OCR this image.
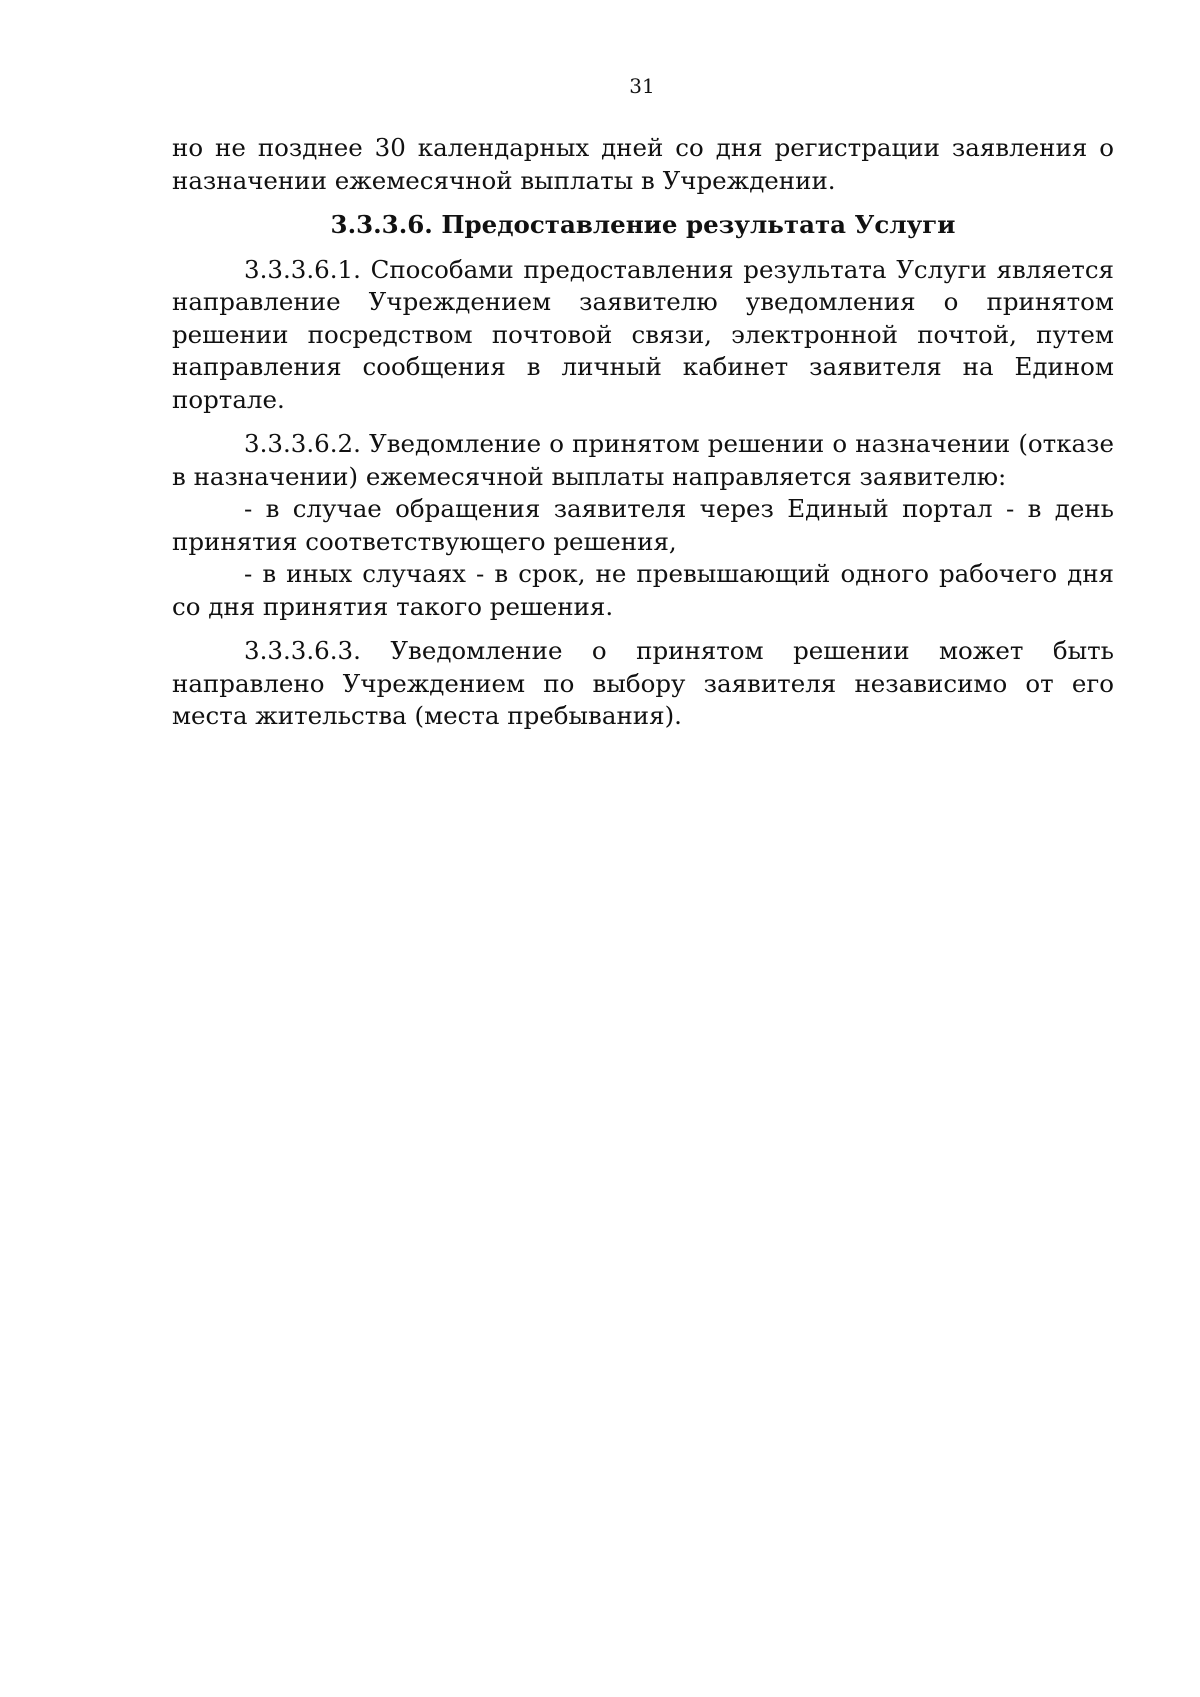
31

но не позднее 30 календарных дней со дня регистрации заявления о назначении ежемесячной выплаты в Учреждении.

3.3.3.6. Предоставление результата Услуги

3.3.3.6.1. Способами предоставления результата Услуги является направление Учреждением заявителю уведомления о принятом решении посредством почтовой связи, электронной почтой, путем направления сообщения в личный кабинет заявителя на Едином портале.

3.3.3.6.2. Уведомление о принятом решении о назначении (отказе в назначении) ежемесячной выплаты направляется заявителю:

- в случае обращения заявителя через Единый портал - в день принятия соответствующего решения,

- в иных случаях - в срок, не превышающий одного рабочего дня со дня принятия такого решения.

3.3.3.6.3. Уведомление о принятом решении может быть направлено Учреждением по выбору заявителя независимо от его места жительства (места пребывания).
